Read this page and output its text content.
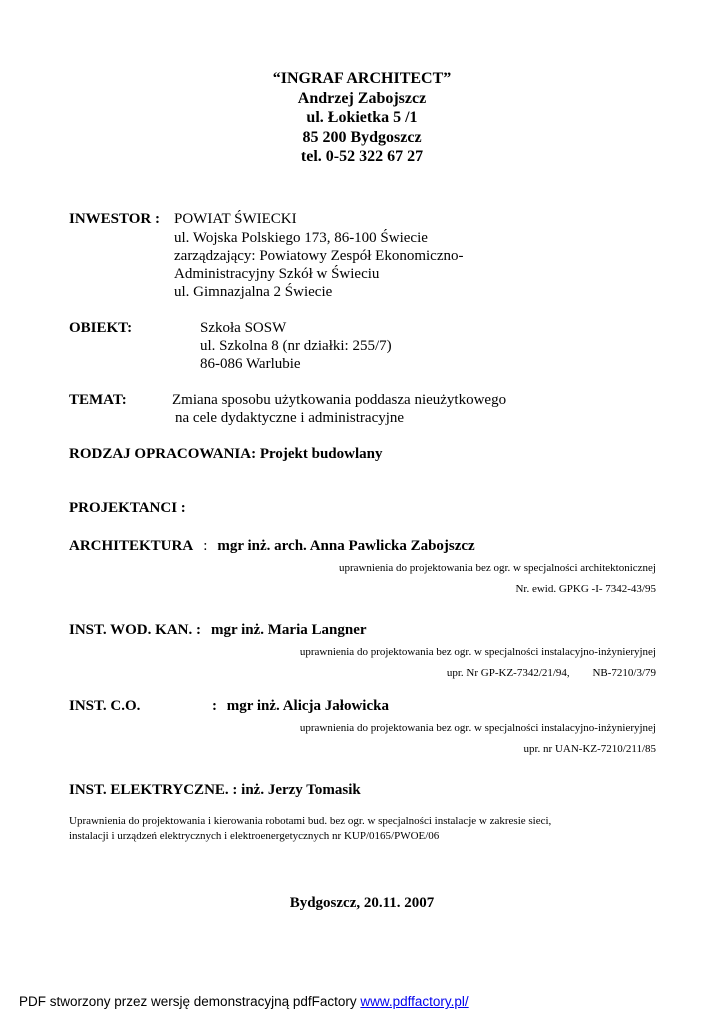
“INGRAF ARCHITECT”
Andrzej Zabojszcz
ul. Łokietka 5 /1
85 200 Bydgoszcz
tel. 0-52 322 67 27
INWESTOR : POWIAT ŚWIECKI
ul. Wojska Polskiego 173, 86-100 Świecie
zarządzający: Powiatowy Zespół Ekonomiczno-
Administracyjny Szkół w Świeciu
ul. Gimnazjalna 2 Świecie
OBIEKT:	Szkoła SOSW
ul. Szkolna 8 (nr działki: 255/7)
86-086 Warlubie
TEMAT:	Zmiana sposobu użytkowania poddasza nieużytkowego
na cele dydaktyczne i administracyjne
RODZAJ OPRACOWANIA: Projekt budowlany
PROJEKTANCI :
ARCHITEKTURA : mgr inż. arch. Anna Pawlicka Zabojszcz
uprawnienia do projektowania bez ogr. w specjalności architektonicznej
Nr. ewid. GPKG -I- 7342-43/95
INST. WOD. KAN. : mgr inż. Maria Langner
uprawnienia do projektowania bez ogr. w specjalności instalacyjno-inżynieryjnej
upr. Nr GP-KZ-7342/21/94, NB-7210/3/79
INST. C.O.	: mgr inż. Alicja Jałowicka
uprawnienia do projektowania bez ogr. w specjalności instalacyjno-inżynieryjnej
upr. nr UAN-KZ-7210/211/85
INST. ELEKTRYCZNE. : inż. Jerzy Tomasik
Uprawnienia do projektowania i kierowania robotami bud. bez ogr. w specjalności instalacje w zakresie sieci,
instalacji i urządzeń elektrycznych i elektroenergetycznych nr KUP/0165/PWOE/06
Bydgoszcz, 20.11. 2007
PDF stworzony przez wersję demonstracyjną pdfFactory www.pdffactory.pl/
